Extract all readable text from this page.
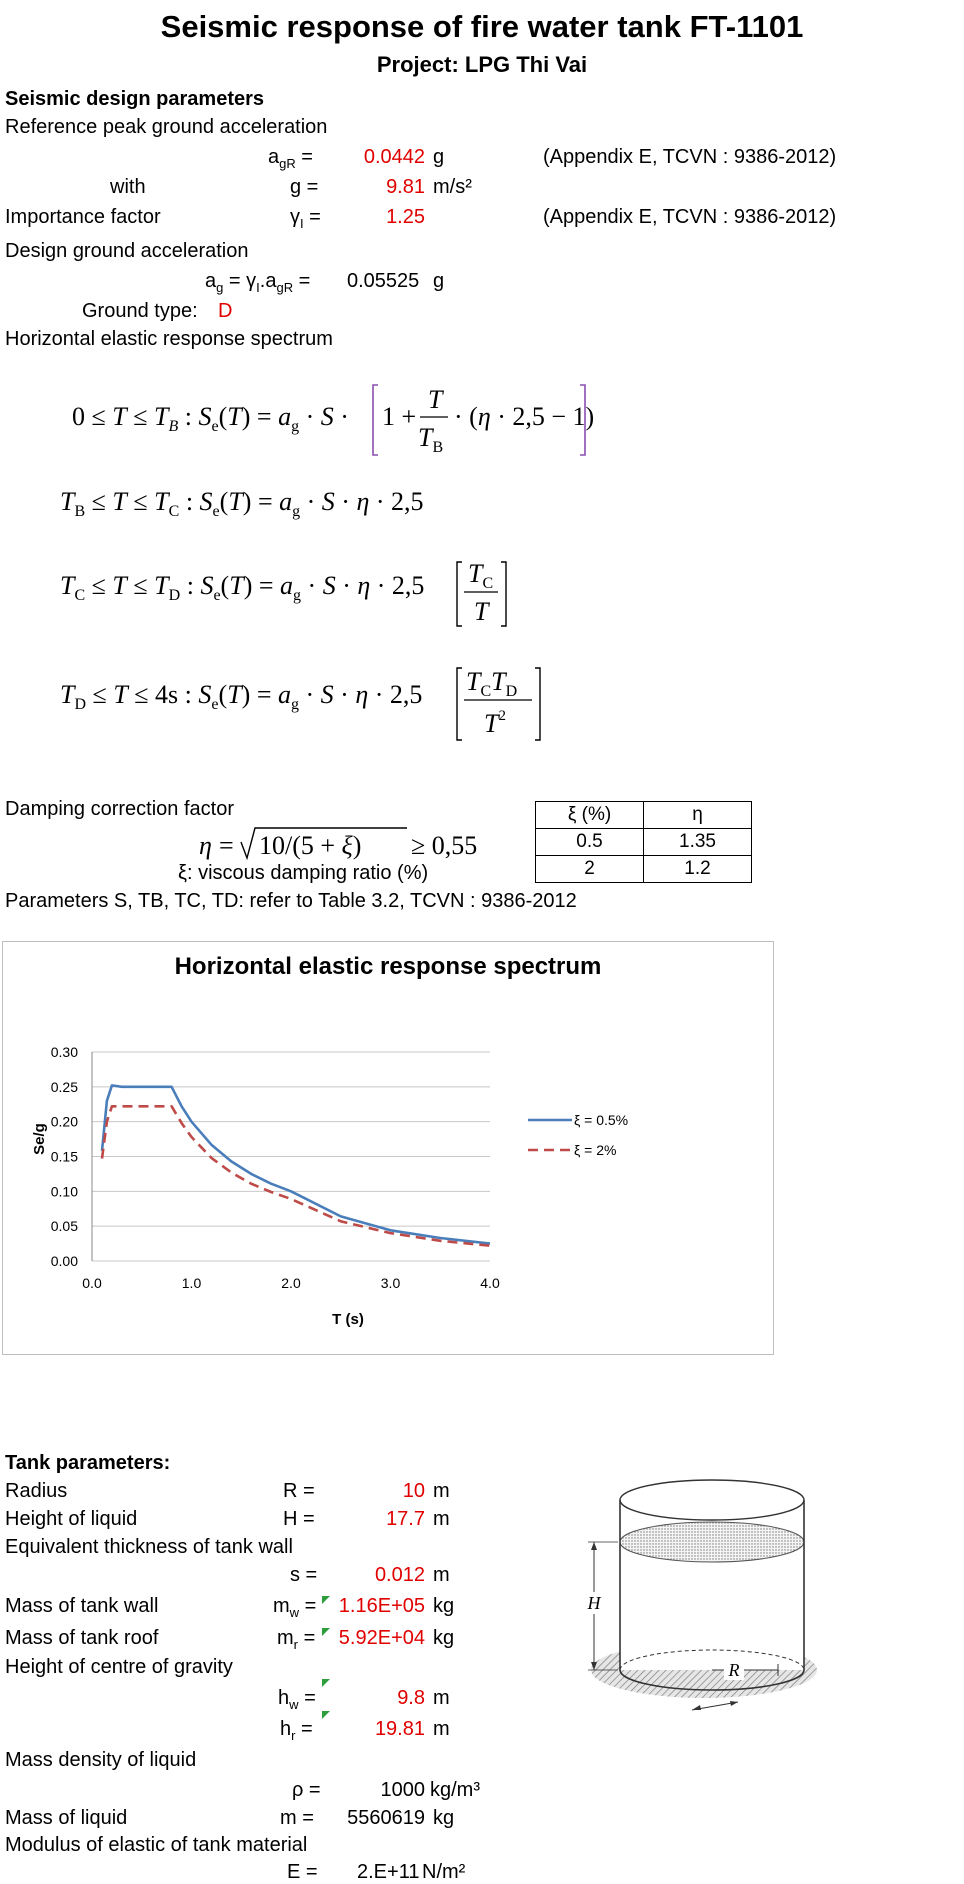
Seismic response of fire water tank FT-1101
Project: LPG Thi Vai
Seismic design parameters
Reference peak ground acceleration
$a_{gR}$ =	0.0442 g	(Appendix E, TCVN : 9386-2012)
with	g =	9.81 m/s²
Importance factor	$\gamma_I$ =	1.25	(Appendix E, TCVN : 9386-2012)
Design ground acceleration
$a_g = \gamma_I.a_{gR} = 0.05525$ g
Ground type: D
Horizontal elastic response spectrum
$0 \le T \le T_B$ : $S_e(T) = a_g \cdot S \cdot 1$ +
T
$T_B$
· (η · 2,5 − 1)
$T_B \le T \le T_C$ : $S_e(T) = a_g \cdot S \cdot \eta \cdot 2,5$
$T_C \le T \le T_D$ : $S_e(T) = a_g \cdot S \cdot \eta \cdot 2,5$ $T_C$
T
$T_D \le T \le 4s$ : $S_e(T) = a_g \cdot S \cdot \eta \cdot 2,5$ $T_CT_D$
$T^2$
Damping correction factor
η = 10/(5 + ξ) ≥ 0,55
ξ (%)	η
0.5	1.35
2	1.2
ξ: viscous damping ratio (%)
Parameters S, TB, TC, TD: refer to Table 3.2, TCVN : 9386-2012
Horizontal elastic response spectrum
Se/g
T (s)
0.00
0.05
0.10
0.15
0.20
0.25
0.30
0.0	1.0	2.0	3.0	4.0
ξ = 0.5%
ξ = 2%
Tank parameters:
Radius	R =	10 m
Height of liquid	H =	17.7 m
Equivalent thickness of tank wall
s =	0.012 m
Mass of tank wall	$m_w$ =	1.16E+05 kg
Mass of tank roof	$m_r$ =	5.92E+04 kg
Height of centre of gravity
$h_w$ =	9.8 m
$h_r$ =	19.81 m
Mass density of liquid
ρ =	1000 kg/m³
Mass of liquid	m =	5560619 kg
Modulus of elastic of tank material
E = 2.E+11 N/m²
H
R
